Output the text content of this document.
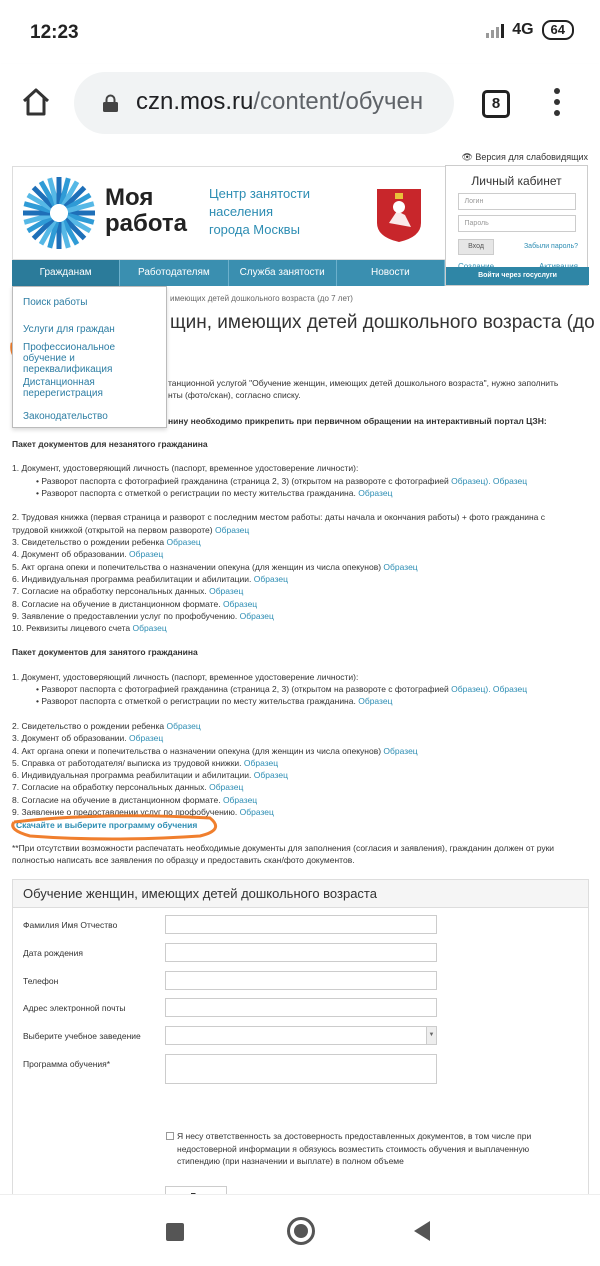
12:23	4G	64
czn.mos.ru/content/обучен	8
👁 Версия для слабовидящих
Моя
работа
Центр занятости
населения
города Москвы
Личный кабинет
Логин
Пароль
Вход	Забыли пароль?
Войти через госуслуги
Гражданам	Работодателям	Служба занятости	Новости
Поиск работы
Услуги для граждан
Профессиональное обучение и переквалификация
Дистанционная перерегистрация
Законодательство
имеющих детей дошкольного возраста (до 7 лет)
щин, имеющих детей дошкольного возраста (до
танционной услугой "Обучение женщин, имеющих детей дошкольного возраста", нужно заполнить
нты (фото/скан), согласно списку.
нину необходимо прикрепить при первичном обращении на интерактивный портал ЦЗН:
Пакет документов для незанятого гражданина
1. Документ, удостоверяющий личность (паспорт, временное удостоверение личности):
• Разворот паспорта с фотографией гражданина (страница 2, 3) (открытом на развороте с фотографией Образец). Образец
• Разворот паспорта с отметкой о регистрации по месту жительства гражданина. Образец

2. Трудовая книжка (первая страница и разворот с последним местом работы: даты начала и окончания работы) + фото гражданина с
трудовой книжкой (открытой на первом развороте) Образец
3. Свидетельство о рождении ребенка Образец
4. Документ об образовании. Образец
5. Акт органа опеки и попечительства о назначении опекуна (для женщин из числа опекунов) Образец
6. Индивидуальная программа реабилитации и абилитации. Образец
7. Согласие на обработку персональных данных. Образец
8. Согласие на обучение в дистанционном формате. Образец
9. Заявление о предоставлении услуг по профобучению. Образец
10. Реквизиты лицевого счета Образец
Пакет документов для занятого гражданина
1. Документ, удостоверяющий личность (паспорт, временное удостоверение личности):
• Разворот паспорта с фотографией гражданина (страница 2, 3) (открытом на развороте с фотографией Образец). Образец
• Разворот паспорта с отметкой о регистрации по месту жительства гражданина. Образец

2. Свидетельство о рождении ребенка Образец
3. Документ об образовании. Образец
4. Акт органа опеки и попечительства о назначении опекуна (для женщин из числа опекунов) Образец
5. Справка от работодателя/ выписка из трудовой книжки. Образец
6. Индивидуальная программа реабилитации и абилитации. Образец
7. Согласие на обработку персональных данных. Образец
8. Согласие на обучение в дистанционном формате. Образец
9. Заявление о предоставлении услуг по профобучению. Образец
Скачайте и выберите программу обучения
**При отсутствии возможности распечатать необходимые документы для заполнения (согласия и заявления), гражданин должен от руки полностью написать все заявления по образцу и предоставить скан/фото документов.
Обучение женщин, имеющих детей дошкольного возраста
Фамилия Имя Отчество
Дата рождения
Телефон
Адрес электронной почты
Выберите учебное заведение	▼
Программа обучения*
Я несу ответственность за достоверность предоставленных документов, в том числе при недостоверной информации я обязуюсь возместить стоимость обучения и выплаченную стипендию (при назначении и выплате) в полном объеме
